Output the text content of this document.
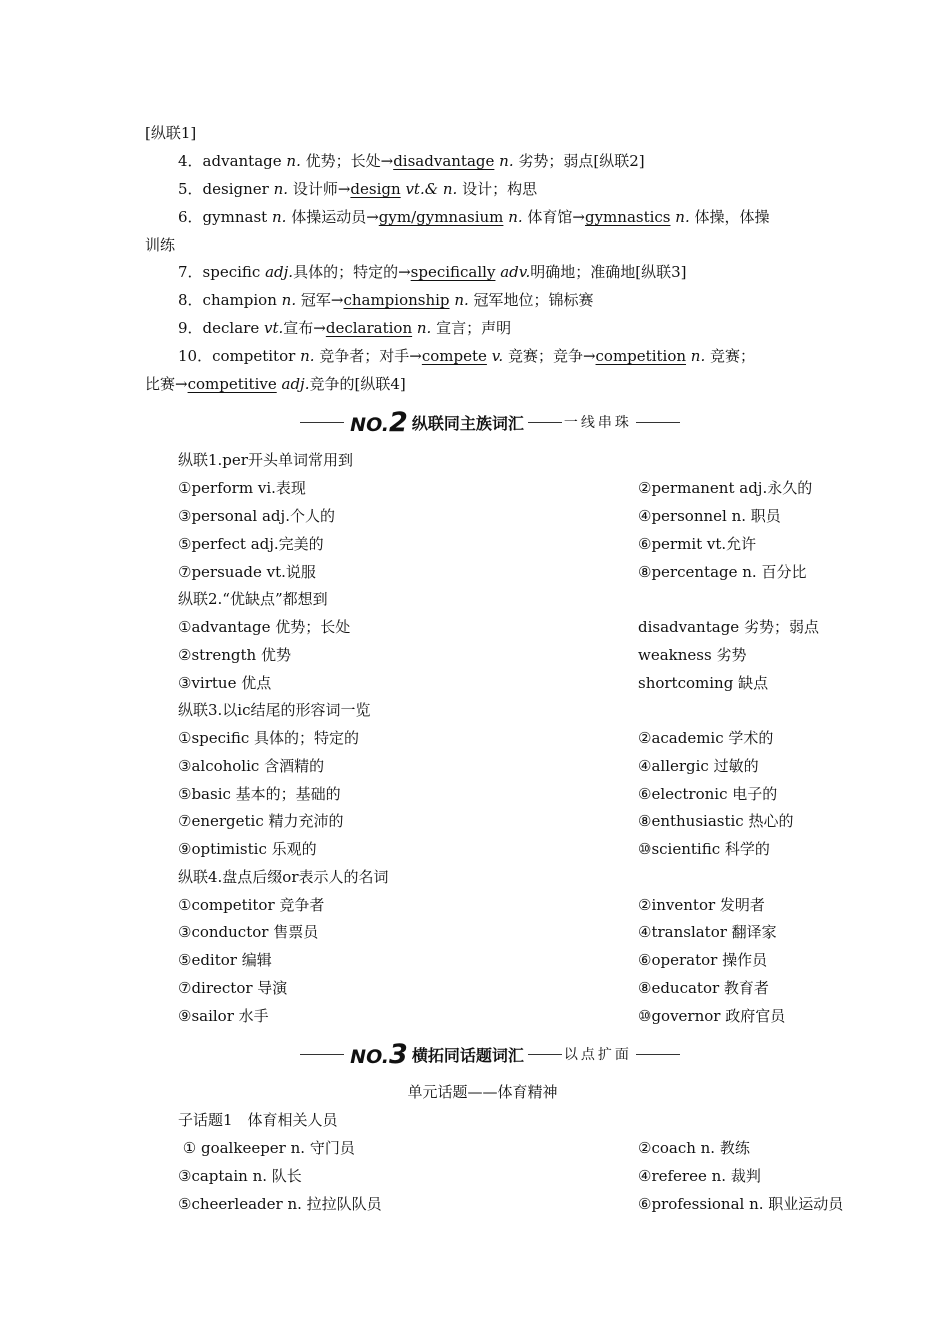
[纵联1]
4．advantage n. 优势；长处→disadvantage n. 劣势；弱点[纵联2]
5．designer n. 设计师→design vt.& n. 设计；构思
6．gymnast n. 体操运动员→gym/gymnasium n. 体育馆→gymnastics n. 体操，体操
训练
7．specific adj.具体的；特定的→specifically adv.明确地；准确地[纵联3]
8．champion n. 冠军→championship n. 冠军地位；锦标赛
9．declare vt.宣布→declaration n. 宣言；声明
10．competitor n. 竞争者；对手→compete v. 竞赛；竞争→competition n. 竞赛；
比赛→competitive adj.竞争的[纵联4]
NO.2 纵联同主族词汇	一线串珠
纵联1.per开头单词常用到
①perform vi.表现	②permanent adj.永久的
③personal adj.个人的	④personnel n. 职员
⑤perfect adj.完美的	⑥permit vt.允许
⑦persuade vt.说服	⑧percentage n. 百分比
纵联2.“优缺点”都想到
①advantage 优势；长处	disadvantage 劣势；弱点
②strength 优势	weakness 劣势
③virtue 优点	shortcoming 缺点
纵联3.以ic结尾的形容词一览
①specific 具体的；特定的	②academic 学术的
③alcoholic 含酒精的	④allergic 过敏的
⑤basic 基本的；基础的	⑥electronic 电子的
⑦energetic 精力充沛的	⑧enthusiastic 热心的
⑨optimistic 乐观的	⑩scientific 科学的
纵联4.盘点后缀or表示人的名词
①competitor 竞争者	②inventor 发明者
③conductor 售票员	④translator 翻译家
⑤editor 编辑	⑥operator 操作员
⑦director 导演	⑧educator 教育者
⑨sailor 水手	⑩governor 政府官员
NO.3 横拓同话题词汇	以点扩面
单元话题——体育精神
子话题1　体育相关人员
① goalkeeper n. 守门员	②coach n. 教练
③captain n. 队长	④referee n. 裁判
⑤cheerleader n. 拉拉队队员	⑥professional n. 职业运动员
